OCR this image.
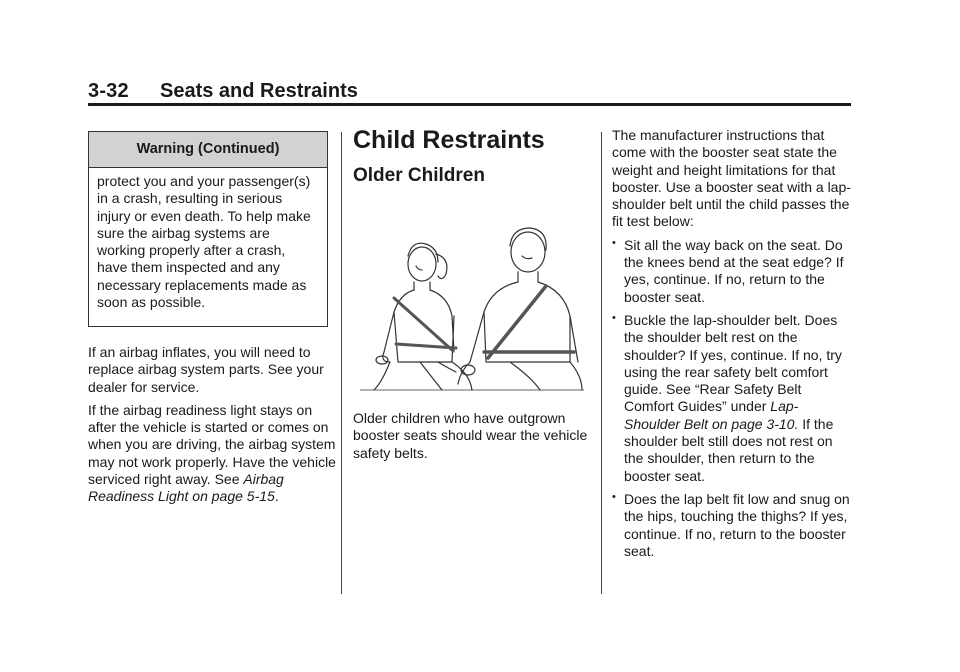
3-32 Seats and Restraints
Warning (Continued)
protect you and your passenger(s) in a crash, resulting in serious injury or even death. To help make sure the airbag systems are working properly after a crash, have them inspected and any necessary replacements made as soon as possible.

If an airbag inflates, you will need to replace airbag system parts. See your dealer for service.

If the airbag readiness light stays on after the vehicle is started or comes on when you are driving, the airbag system may not work properly. Have the vehicle serviced right away. See Airbag Readiness Light on page 5‑15.

Child Restraints
Older Children

Older children who have outgrown booster seats should wear the vehicle safety belts.

The manufacturer instructions that come with the booster seat state the weight and height limitations for that booster. Use a booster seat with a lap-shoulder belt until the child passes the fit test below:

• Sit all the way back on the seat. Do the knees bend at the seat edge? If yes, continue. If no, return to the booster seat.
• Buckle the lap-shoulder belt. Does the shoulder belt rest on the shoulder? If yes, continue. If no, try using the rear safety belt comfort guide. See “Rear Safety Belt Comfort Guides” under Lap-Shoulder Belt on page 3‑10. If the shoulder belt still does not rest on the shoulder, then return to the booster seat.
• Does the lap belt fit low and snug on the hips, touching the thighs? If yes, continue. If no, return to the booster seat.
